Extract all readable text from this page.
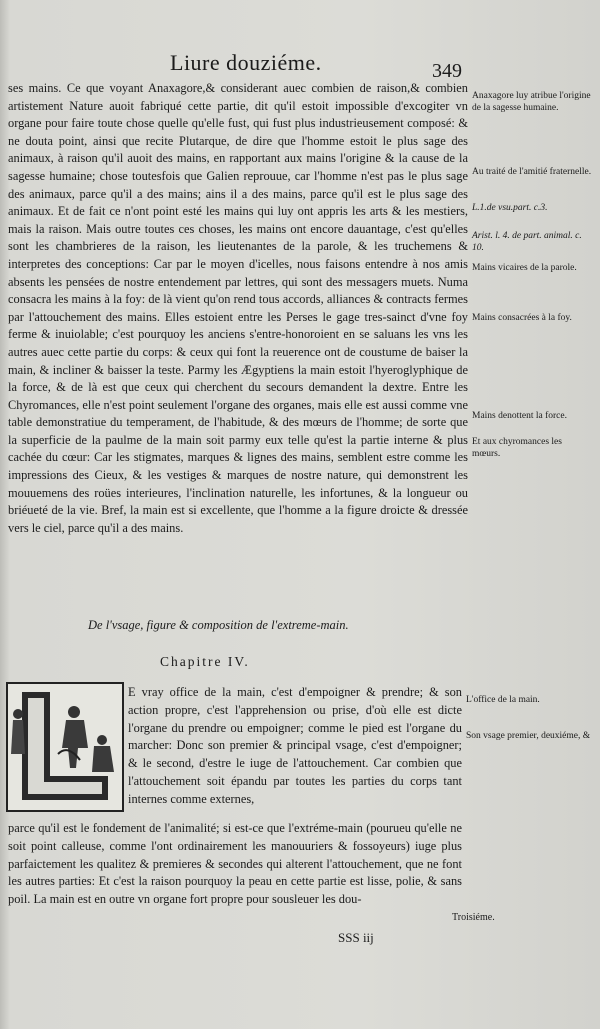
Liure douziéme.	349
ses mains. Ce que voyant Anaxagore,& considerant auec combien de raison,& combien artistement Nature auoit fabriqué cette partie, dit qu'il estoit impossible d'excogiter vn organe pour faire toute chose quelle qu'elle fust, qui fust plus industrieusement composé: & ne douta point, ainsi que recite Plutarque, de dire que l'homme estoit le plus sage des animaux, à raison qu'il auoit des mains, en rapportant aux mains l'origine & la cause de la sagesse humaine; chose toutesfois que Galien reprouue, car l'homme n'est pas le plus sage des animaux, parce qu'il a des mains; ains il a des mains, parce qu'il est le plus sage des animaux. Et de fait ce n'ont point esté les mains qui luy ont appris les arts & les mestiers, mais la raison. Mais outre toutes ces choses, les mains ont encore dauantage, c'est qu'elles sont les chambrieres de la raison, les lieutenantes de la parole, & les truchemens & interpretes des conceptions: Car par le moyen d'icelles, nous faisons entendre à nos amis absents les pensées de nostre entendement par lettres, qui sont des messagers muets. Numa consacra les mains à la foy: de là vient qu'on rend tous accords, alliances & contracts fermes par l'attouchement des mains. Elles estoient entre les Perses le gage tres-sainct d'vne foy ferme & inuiolable; c'est pourquoy les anciens s'entre-honoroient en se saluans les vns les autres auec cette partie du corps: & ceux qui font la reuerence ont de coustume de baiser la main, & incliner & baisser la teste. Parmy les Ægyptiens la main estoit l'hyeroglyphique de la force, & de là est que ceux qui cherchent du secours demandent la dextre. Entre les Chyromances, elle n'est point seulement l'organe des organes, mais elle est aussi comme vne table demonstratiue du temperament, de l'habitude, & des mœurs de l'homme; de sorte que la superficie de la paulme de la main soit parmy eux telle qu'est la partie interne & plus cachée du cœur: Car les stigmates, marques & lignes des mains, semblent estre comme les impressions des Cieux, & les vestiges & marques de nostre nature, qui demonstrent les mouuemens des roües interieures, l'inclination naturelle, les infortunes, & la longueur ou briéueté de la vie. Bref, la main est si excellente, que l'homme a la figure droicte & dressée vers le ciel, parce qu'il a des mains.
Anaxagore luy atribue l'origine de la sagesse humaine.
Au traité de l'amitié fraternelle.
L.1.de vsu.part. c.3.
Arist. l. 4. de part. animal. c. 10.
Mains vicaires de la parole.
Mains consacrées à la foy.
Mains denottent la force.
Et aux chyromances les mœurs.
De l'vsage, figure & composition de l'extreme-main.
Chapitre IV.
E vray office de la main, c'est d'empoigner & prendre; & son action propre, c'est l'apprehension ou prise, d'où elle est dicte l'organe du prendre ou empoigner; comme le pied est l'organe du marcher: Donc son premier & principal vsage, c'est d'empoigner; & le second, d'estre le iuge de l'attouchement. Car combien que l'attouchement soit épandu par toutes les parties du corps tant internes comme externes,
parce qu'il est le fondement de l'animalité; si est-ce que l'extréme-main (pourueu qu'elle ne soit point calleuse, comme l'ont ordinairement les manouuriers & fossoyeurs) iuge plus parfaictement les qualitez & premieres & secondes qui alterent l'attouchement, que ne font les autres parties: Et c'est la raison pourquoy la peau en cette partie est lisse, polie, & sans poil. La main est en outre vn organe fort propre pour sousleuer les dou-
L'office de la main.
Son vsage premier, deuxiéme, &
Troisiéme.
SSS iij
